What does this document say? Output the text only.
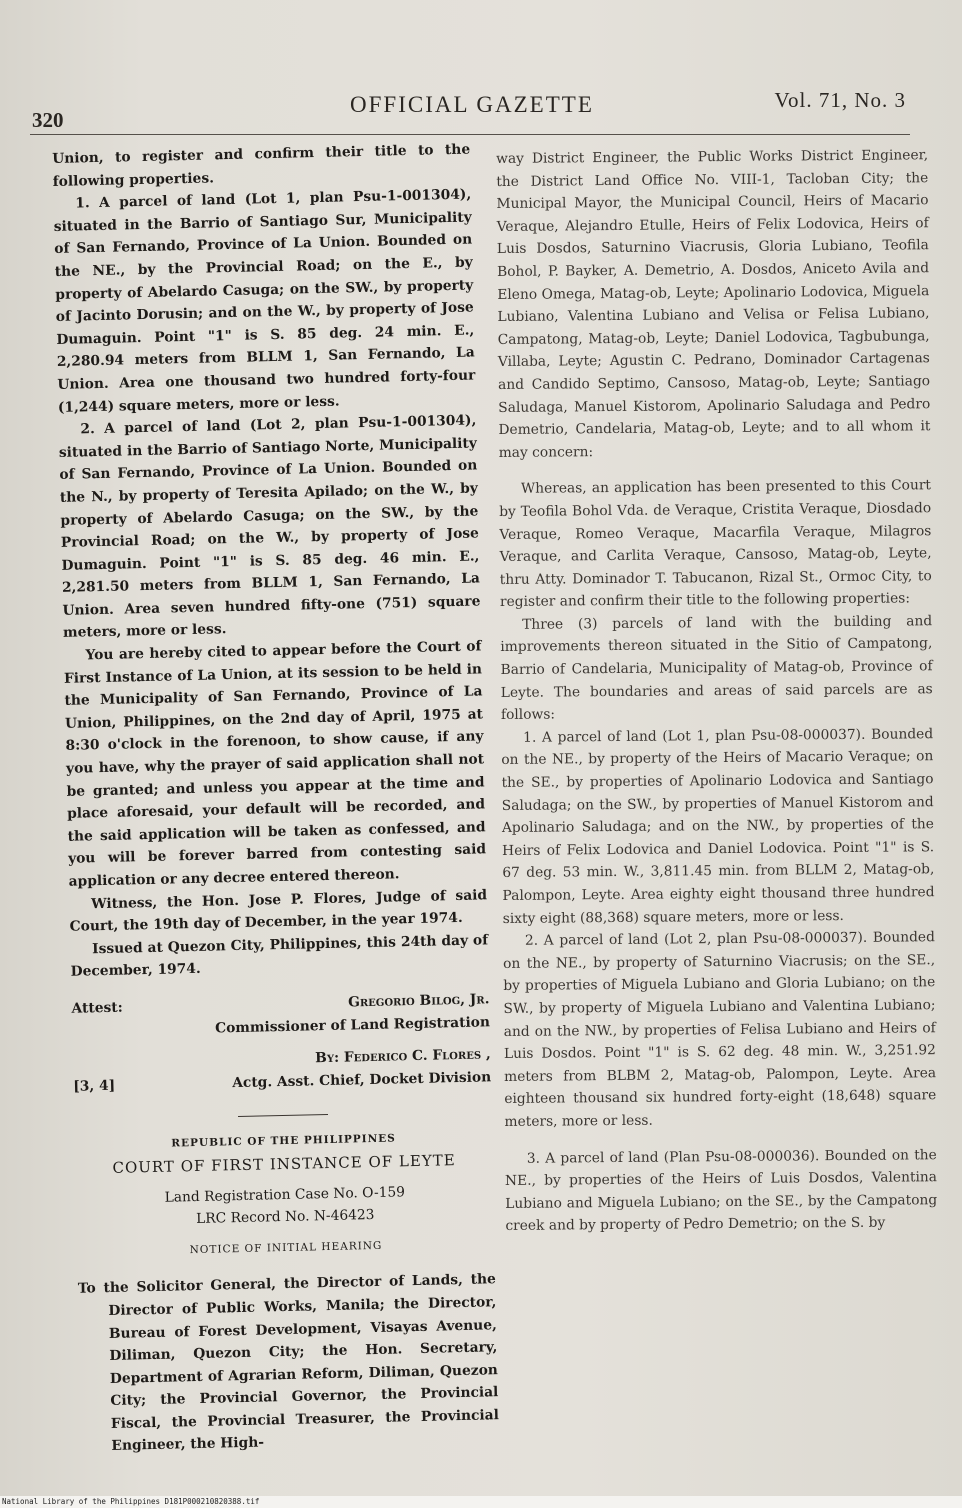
320
OFFICIAL GAZETTE	Vol. 71, No. 3

Union, to register and confirm their title to the following properties.

1. A parcel of land (Lot 1, plan Psu-1-001304), situated in the Barrio of Santiago Sur, Municipality of San Fernando, Province of La Union. Bounded on the NE., by the Provincial Road; on the E., by property of Abelardo Casuga; on the SW., by property of Jacinto Dorusin; and on the W., by property of Jose Dumaguin. Point "1" is S. 85 deg. 24 min. E., 2,280.94 meters from BLLM 1, San Fernando, La Union. Area one thousand two hundred forty-four (1,244) square meters, more or less.

2. A parcel of land (Lot 2, plan Psu-1-001304), situated in the Barrio of Santiago Norte, Municipality of San Fernando, Province of La Union. Bounded on the N., by property of Teresita Apilado; on the W., by property of Abelardo Casuga; on the SW., by the Provincial Road; on the W., by property of Jose Dumaguin. Point "1" is S. 85 deg. 46 min. E., 2,281.50 meters from BLLM 1, San Fernando, La Union. Area seven hundred fifty-one (751) square meters, more or less.

You are hereby cited to appear before the Court of First Instance of La Union, at its session to be held in the Municipality of San Fernando, Province of La Union, Philippines, on the 2nd day of April, 1975 at 8:30 o'clock in the forenoon, to show cause, if any you have, why the prayer of said application shall not be granted; and unless you appear at the time and place aforesaid, your default will be recorded, and the said application will be taken as confessed, and you will be forever barred from contesting said application or any decree entered thereon.

Witness, the Hon. Jose P. Flores, Judge of said Court, the 19th day of December, in the year 1974.

Issued at Quezon City, Philippines, this 24th day of December, 1974.

Attest:	Gregorio Bilog, Jr.
Commissioner of Land Registration
[3, 4]
By: Federico C. Flores ,
Actg. Asst. Chief, Docket Division
REPUBLIC OF THE PHILIPPINES
COURT OF FIRST INSTANCE OF LEYTE
Land Registration Case No. O-159
LRC Record No. N-46423
NOTICE OF INITIAL HEARING

To the Solicitor General, the Director of Lands, the Director of Public Works, Manila; the Director, Bureau of Forest Development, Visayas Avenue, Diliman, Quezon City; the Hon. Secretary, Department of Agrarian Reform, Diliman, Quezon City; the Provincial Governor, the Provincial Fiscal, the Provincial Treasurer, the Provincial Engineer, the High-

way District Engineer, the Public Works District Engineer, the District Land Office No. VIII-1, Tacloban City; the Municipal Mayor, the Municipal Council, Heirs of Macario Veraque, Alejandro Etulle, Heirs of Felix Lodovica, Heirs of Luis Dosdos, Saturnino Viacrusis, Gloria Lubiano, Teofila Bohol, P. Bayker, A. Demetrio, A. Dosdos, Aniceto Avila and Eleno Omega, Matag-ob, Leyte; Apolinario Lodovica, Miguela Lubiano, Valentina Lubiano and Velisa or Felisa Lubiano, Campatong, Matag-ob, Leyte; Daniel Lodovica, Tagbubunga, Villaba, Leyte; Agustin C. Pedrano, Dominador Cartagenas and Candido Septimo, Cansoso, Matag-ob, Leyte; Santiago Saludaga, Manuel Kistorom, Apolinario Saludaga and Pedro Demetrio, Candelaria, Matag-ob, Leyte; and to all whom it may concern:

Whereas, an application has been presented to this Court by Teofila Bohol Vda. de Veraque, Cristita Veraque, Diosdado Veraque, Romeo Veraque, Macarfila Veraque, Milagros Veraque, and Carlita Veraque, Cansoso, Matag-ob, Leyte, thru Atty. Dominador T. Tabucanon, Rizal St., Ormoc City, to register and confirm their title to the following properties:

Three (3) parcels of land with the building and improvements thereon situated in the Sitio of Campatong, Barrio of Candelaria, Municipality of Matag-ob, Province of Leyte. The boundaries and areas of said parcels are as follows:

1. A parcel of land (Lot 1, plan Psu-08-000037). Bounded on the NE., by property of the Heirs of Macario Veraque; on the SE., by properties of Apolinario Lodovica and Santiago Saludaga; on the SW., by properties of Manuel Kistorom and Apolinario Saludaga; and on the NW., by properties of the Heirs of Felix Lodovica and Daniel Lodovica. Point "1" is S. 67 deg. 53 min. W., 3,811.45 min. from BLLM 2, Matag-ob, Palompon, Leyte. Area eighty eight thousand three hundred sixty eight (88,368) square meters, more or less.

2. A parcel of land (Lot 2, plan Psu-08-000037). Bounded on the NE., by property of Saturnino Viacrusis; on the SE., by properties of Miguela Lubiano and Gloria Lubiano; on the SW., by property of Miguela Lubiano and Valentina Lubiano; and on the NW., by properties of Felisa Lubiano and Heirs of Luis Dosdos. Point "1" is S. 62 deg. 48 min. W., 3,251.92 meters from BLBM 2, Matag-ob, Palompon, Leyte. Area eighteen thousand six hundred forty-eight (18,648) square meters, more or less.

3. A parcel of land (Plan Psu-08-000036). Bounded on the NE., by properties of the Heirs of Luis Dosdos, Valentina Lubiano and Miguela Lubiano; on the SE., by the Campatong creek and by property of Pedro Demetrio; on the S. by

National Library of the Philippines D181P000210820388.tif
